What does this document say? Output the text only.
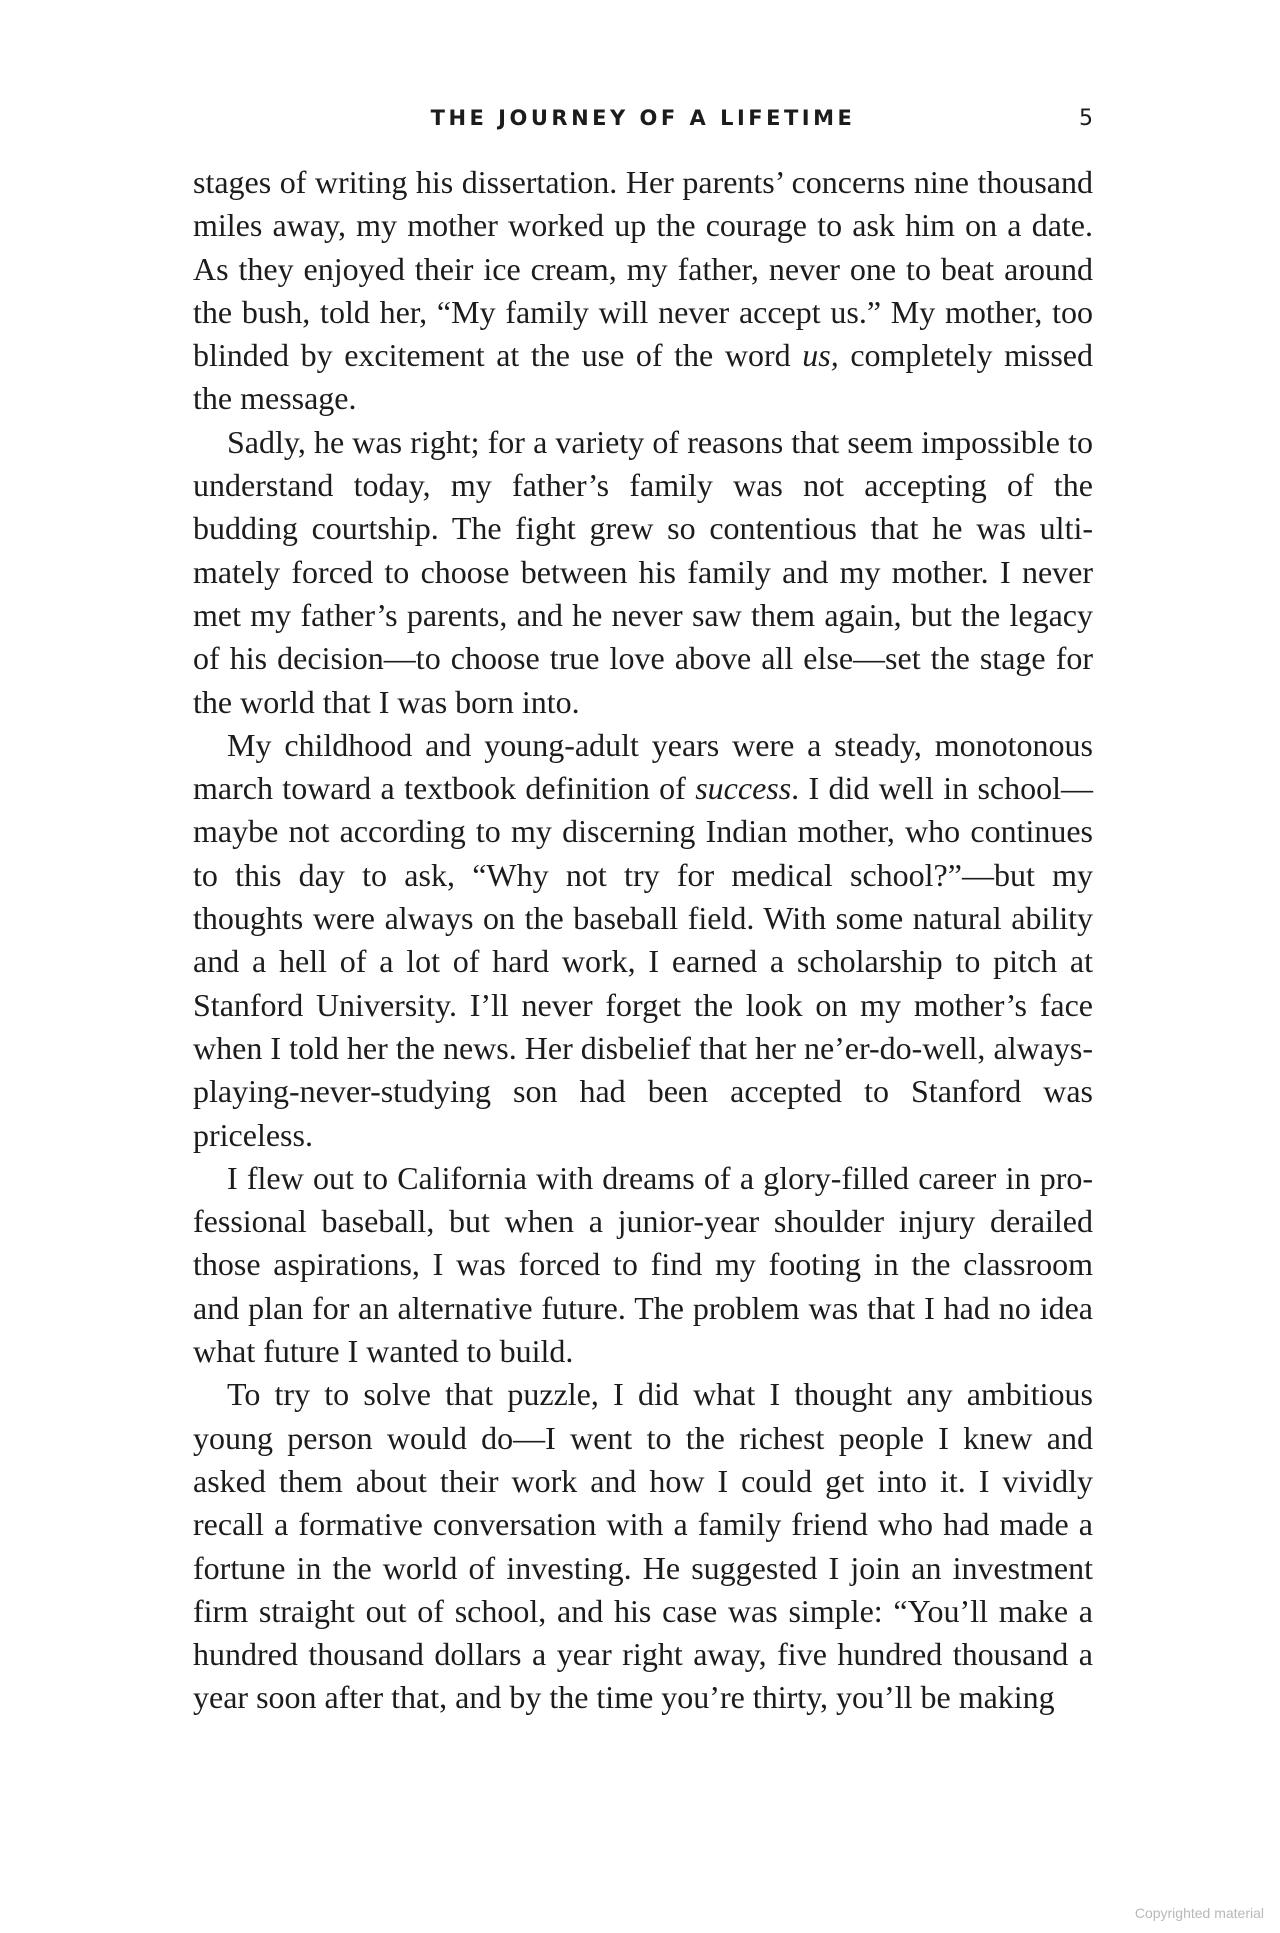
THE JOURNEY OF A LIFETIME	5

stages of writing his dissertation. Her parents’ concerns nine thousand miles away, my mother worked up the courage to ask him on a date. As they enjoyed their ice cream, my father, never one to beat around the bush, told her, “My family will never accept us.” My mother, too blinded by excitement at the use of the word us, completely missed the message.

Sadly, he was right; for a variety of reasons that seem impossible to understand today, my father’s family was not accepting of the budding courtship. The fight grew so contentious that he was ultimately forced to choose between his family and my mother. I never met my father’s parents, and he never saw them again, but the legacy of his decision—to choose true love above all else—set the stage for the world that I was born into.

My childhood and young-adult years were a steady, monotonous march toward a textbook definition of success. I did well in school—maybe not according to my discerning Indian mother, who continues to this day to ask, “Why not try for medical school?”—but my thoughts were always on the baseball field. With some natural ability and a hell of a lot of hard work, I earned a scholarship to pitch at Stanford University. I’ll never forget the look on my mother’s face when I told her the news. Her disbelief that her ne’er-do-well, always-playing-never-studying son had been accepted to Stanford was priceless.

I flew out to California with dreams of a glory-filled career in professional baseball, but when a junior-year shoulder injury derailed those aspirations, I was forced to find my footing in the classroom and plan for an alternative future. The problem was that I had no idea what future I wanted to build.

To try to solve that puzzle, I did what I thought any ambitious young person would do—I went to the richest people I knew and asked them about their work and how I could get into it. I vividly recall a formative conversation with a family friend who had made a fortune in the world of investing. He suggested I join an investment firm straight out of school, and his case was simple: “You’ll make a hundred thousand dollars a year right away, five hundred thousand a year soon after that, and by the time you’re thirty, you’ll be making

Copyrighted material
